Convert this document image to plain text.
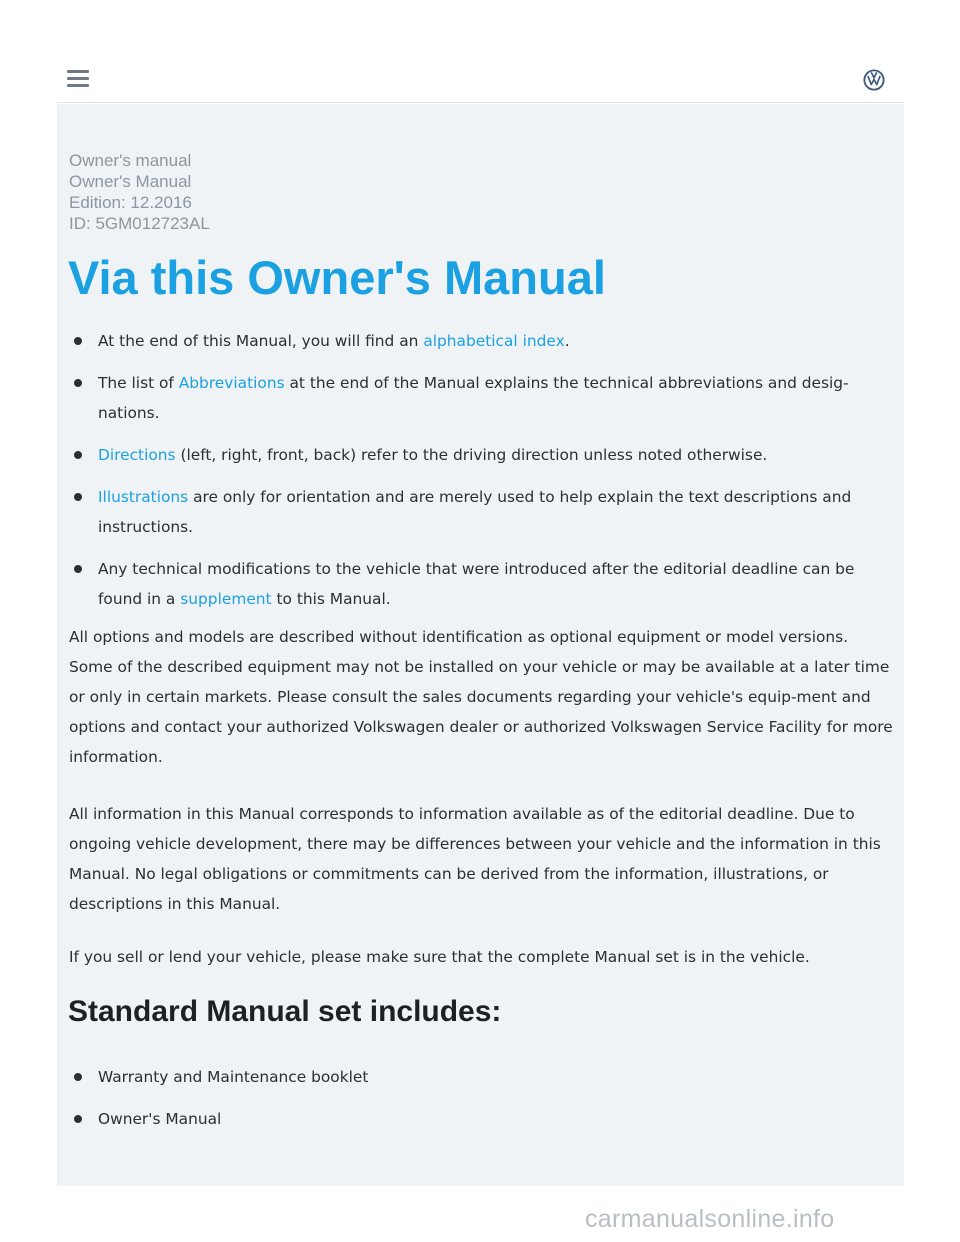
Owner's manual
Owner's Manual
Edition: 12.2016
ID: 5GM012723AL
Via this Owner's Manual
At the end of this Manual, you will find an alphabetical index.
The list of Abbreviations at the end of the Manual explains the technical abbreviations and desig-nations.
Directions (left, right, front, back) refer to the driving direction unless noted otherwise.
Illustrations are only for orientation and are merely used to help explain the text descriptions and instructions.
Any technical modifications to the vehicle that were introduced after the editorial deadline can be found in a supplement to this Manual.

All options and models are described without identification as optional equipment or model versions. Some of the described equipment may not be installed on your vehicle or may be available at a later time or only in certain markets. Please consult the sales documents regarding your vehicle's equip-ment and options and contact your authorized Volkswagen dealer or authorized Volkswagen Service Facility for more information.

All information in this Manual corresponds to information available as of the editorial deadline. Due to ongoing vehicle development, there may be differences between your vehicle and the information in this Manual. No legal obligations or commitments can be derived from the information, illustrations, or descriptions in this Manual.

If you sell or lend your vehicle, please make sure that the complete Manual set is in the vehicle.

Standard Manual set includes:
Warranty and Maintenance booklet
Owner's Manual
carmanualsonline.info
